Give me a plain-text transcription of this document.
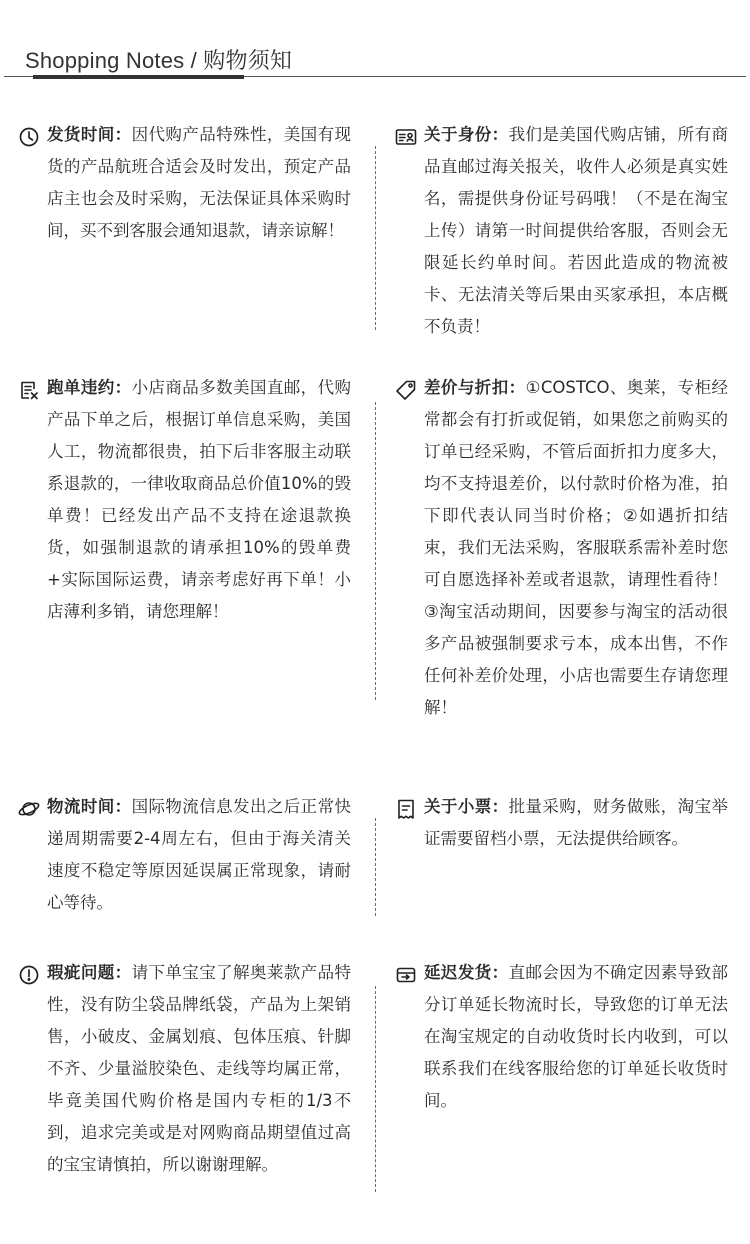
Shopping Notes / 购物须知
发货时间：因代购产品特殊性，美国有现货的产品航班合适会及时发出，预定产品店主也会及时采购，无法保证具体采购时间，买不到客服会通知退款，请亲谅解！
关于身份：我们是美国代购店铺，所有商品直邮过海关报关，收件人必须是真实姓名，需提供身份证号码哦！（不是在淘宝上传）请第一时间提供给客服，否则会无限延长约单时间。若因此造成的物流被卡、无法清关等后果由买家承担，本店概不负责！
跑单违约：小店商品多数美国直邮，代购产品下单之后，根据订单信息采购，美国人工，物流都很贵，拍下后非客服主动联系退款的，一律收取商品总价值10%的毁单费！已经发出产品不支持在途退款换货，如强制退款的请承担10%的毁单费+实际国际运费，请亲考虑好再下单！小店薄利多销，请您理解！
差价与折扣：①COSTCO、奥莱，专柜经常都会有打折或促销，如果您之前购买的订单已经采购，不管后面折扣力度多大，均不支持退差价，以付款时价格为准，拍下即代表认同当时价格；②如遇折扣结束，我们无法采购，客服联系需补差时您可自愿选择补差或者退款，请理性看待！③淘宝活动期间，因要参与淘宝的活动很多产品被强制要求亏本，成本出售，不作任何补差价处理，小店也需要生存请您理解！
物流时间：国际物流信息发出之后正常快递周期需要2-4周左右，但由于海关清关速度不稳定等原因延误属正常现象，请耐心等待。
关于小票：批量采购，财务做账，淘宝举证需要留档小票，无法提供给顾客。
瑕疵问题：请下单宝宝了解奥莱款产品特性，没有防尘袋品牌纸袋，产品为上架销售，小破皮、金属划痕、包体压痕、针脚不齐、少量溢胶染色、走线等均属正常，毕竟美国代购价格是国内专柜的1/3不到，追求完美或是对网购商品期望值过高的宝宝请慎拍，所以谢谢理解。
延迟发货：直邮会因为不确定因素导致部分订单延长物流时长，导致您的订单无法在淘宝规定的自动收货时长内收到，可以联系我们在线客服给您的订单延长收货时间。
